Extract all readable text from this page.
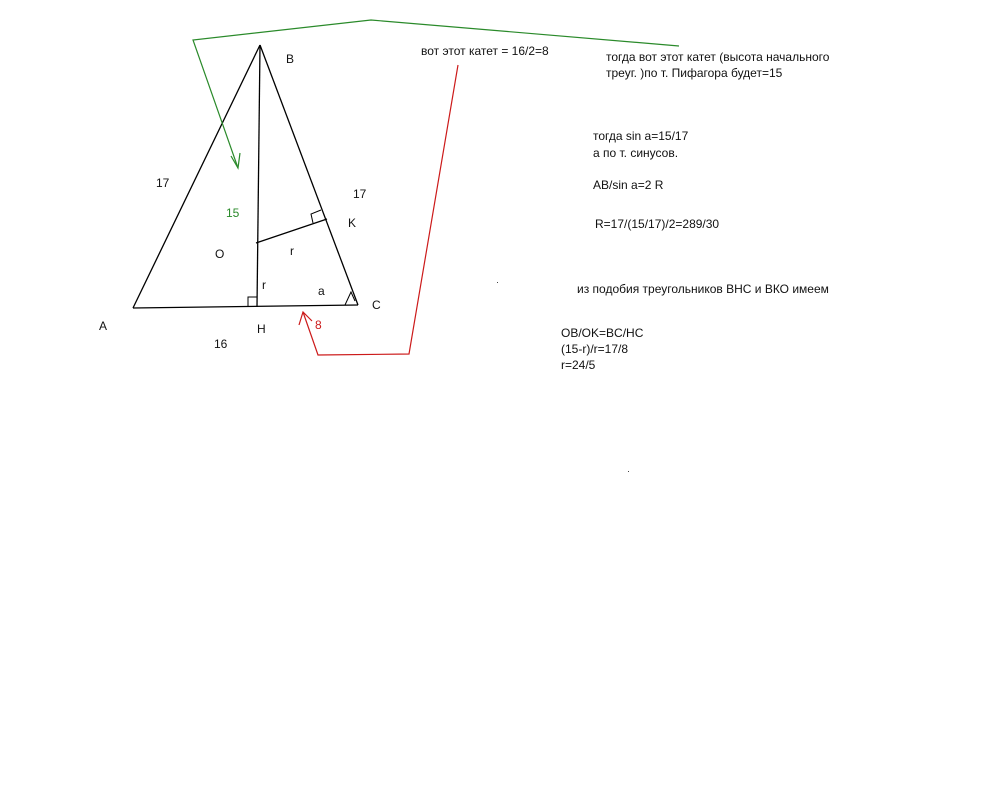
A
B
C
H
K
O
17
17
16
15
r
r	a
8
вот этот катет = 16/2=8	тогда вот этот катет (высота начального
треуг. )по т. Пифагора будет=15
тогда sin a=15/17
а по т. синусов.
AB/sin a=2 R
R=17/(15/17)/2=289/30
из подобия треугольников ВНС и ВКО имеем
OB/OK=BC/HC
(15-r)/r=17/8
r=24/5
